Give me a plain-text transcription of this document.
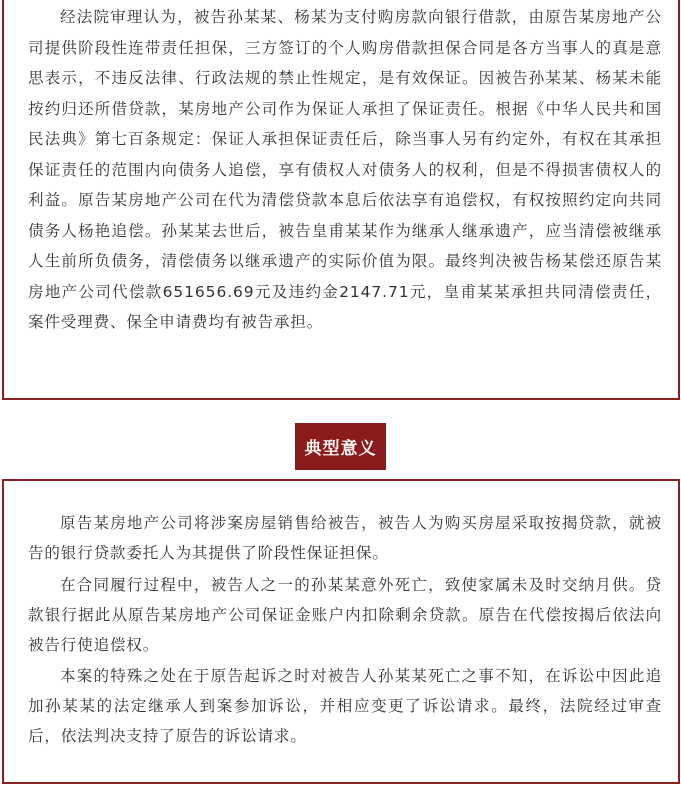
经法院审理认为，被告孙某某、杨某为支付购房款向银行借款，由原告某房地产公司提供阶段性连带责任担保，三方签订的个人购房借款担保合同是各方当事人的真是意思表示，不违反法律、行政法规的禁止性规定，是有效保证。因被告孙某某、杨某未能按约归还所借贷款，某房地产公司作为保证人承担了保证责任。根据《中华人民共和国民法典》第七百条规定：保证人承担保证责任后，除当事人另有约定外，有权在其承担保证责任的范围内向债务人追偿，享有债权人对债务人的权利，但是不得损害债权人的利益。原告某房地产公司在代为清偿贷款本息后依法享有追偿权，有权按照约定向共同债务人杨艳追偿。孙某某去世后，被告皇甫某某作为继承人继承遗产，应当清偿被继承人生前所负债务，清偿债务以继承遗产的实际价值为限。最终判决被告杨某偿还原告某房地产公司代偿款651656.69元及违约金2147.71元，皇甫某某承担共同清偿责任，案件受理费、保全申请费均有被告承担。

典型意义

原告某房地产公司将涉案房屋销售给被告，被告人为购买房屋采取按揭贷款，就被告的银行贷款委托人为其提供了阶段性保证担保。

在合同履行过程中，被告人之一的孙某某意外死亡，致使家属未及时交纳月供。贷款银行据此从原告某房地产公司保证金账户内扣除剩余贷款。原告在代偿按揭后依法向被告行使追偿权。

本案的特殊之处在于原告起诉之时对被告人孙某某死亡之事不知，在诉讼中因此追加孙某某的法定继承人到案参加诉讼，并相应变更了诉讼请求。最终，法院经过审查后，依法判决支持了原告的诉讼请求。
